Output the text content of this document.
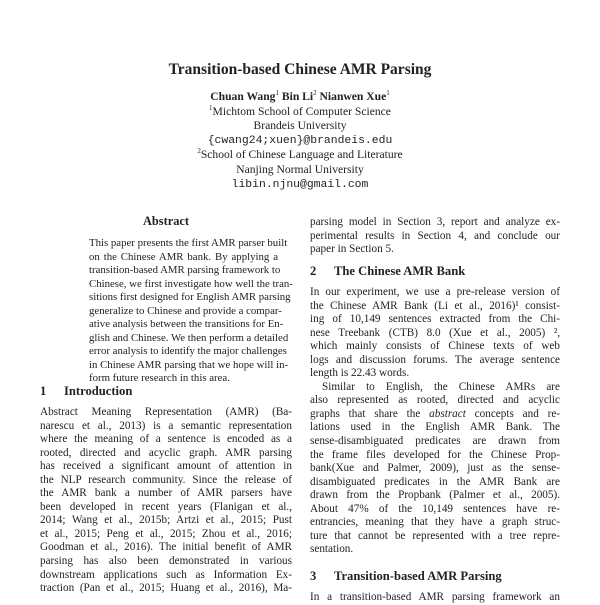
Transition-based Chinese AMR Parsing
Chuan Wang$^1$ Bin Li$^2$ Nianwen Xue$^1$
$^1$Michtom School of Computer Science
Brandeis University
{cwang24;xuen}@brandeis.edu
$^2$School of Chinese Language and Literature
Nanjing Normal University
libin.njnu@gmail.com
Abstract
This paper presents the first AMR parser built
on the Chinese AMR bank. By applying a
transition-based AMR parsing framework to
Chinese, we first investigate how well the tran-
sitions first designed for English AMR parsing
generalize to Chinese and provide a compar-
ative analysis between the transitions for En-
glish and Chinese. We then perform a detailed
error analysis to identify the major challenges
in Chinese AMR parsing that we hope will in-
form future research in this area.
1 Introduction
Abstract Meaning Representation (AMR) (Ba-
narescu et al., 2013) is a semantic representation
where the meaning of a sentence is encoded as a
rooted, directed and acyclic graph. AMR parsing
has received a significant amount of attention in
the NLP research community. Since the release of
the AMR bank a number of AMR parsers have
been developed in recent years (Flanigan et al.,
2014; Wang et al., 2015b; Artzi et al., 2015; Pust
et al., 2015; Peng et al., 2015; Zhou et al., 2016;
Goodman et al., 2016). The initial benefit of AMR
parsing has also been demonstrated in various
downstream applications such as Information Ex-
traction (Pan et al., 2015; Huang et al., 2016), Ma-
parsing model in Section 3, report and analyze ex-
perimental results in Section 4, and conclude our
paper in Section 5.
2 The Chinese AMR Bank
In our experiment, we use a pre-release version of
the Chinese AMR Bank (Li et al., 2016)¹ consist-
ing of 10,149 sentences extracted from the Chi-
nese Treebank (CTB) 8.0 (Xue et al., 2005) ²,
which mainly consists of Chinese texts of web
logs and discussion forums. The average sentence
length is 22.43 words.
Similar to English, the Chinese AMRs are
also represented as rooted, directed and acyclic
graphs that share the abstract concepts and re-
lations used in the English AMR Bank. The
sense-disambiguated predicates are drawn from
the frame files developed for the Chinese Prop-
bank(Xue and Palmer, 2009), just as the sense-
disambiguated predicates in the AMR Bank are
drawn from the Propbank (Palmer et al., 2005).
About 47% of the 10,149 sentences have re-
entrancies, meaning that they have a graph struc-
ture that cannot be represented with a tree repre-
sentation.
3 Transition-based AMR Parsing
In a transition-based AMR parsing framework an
